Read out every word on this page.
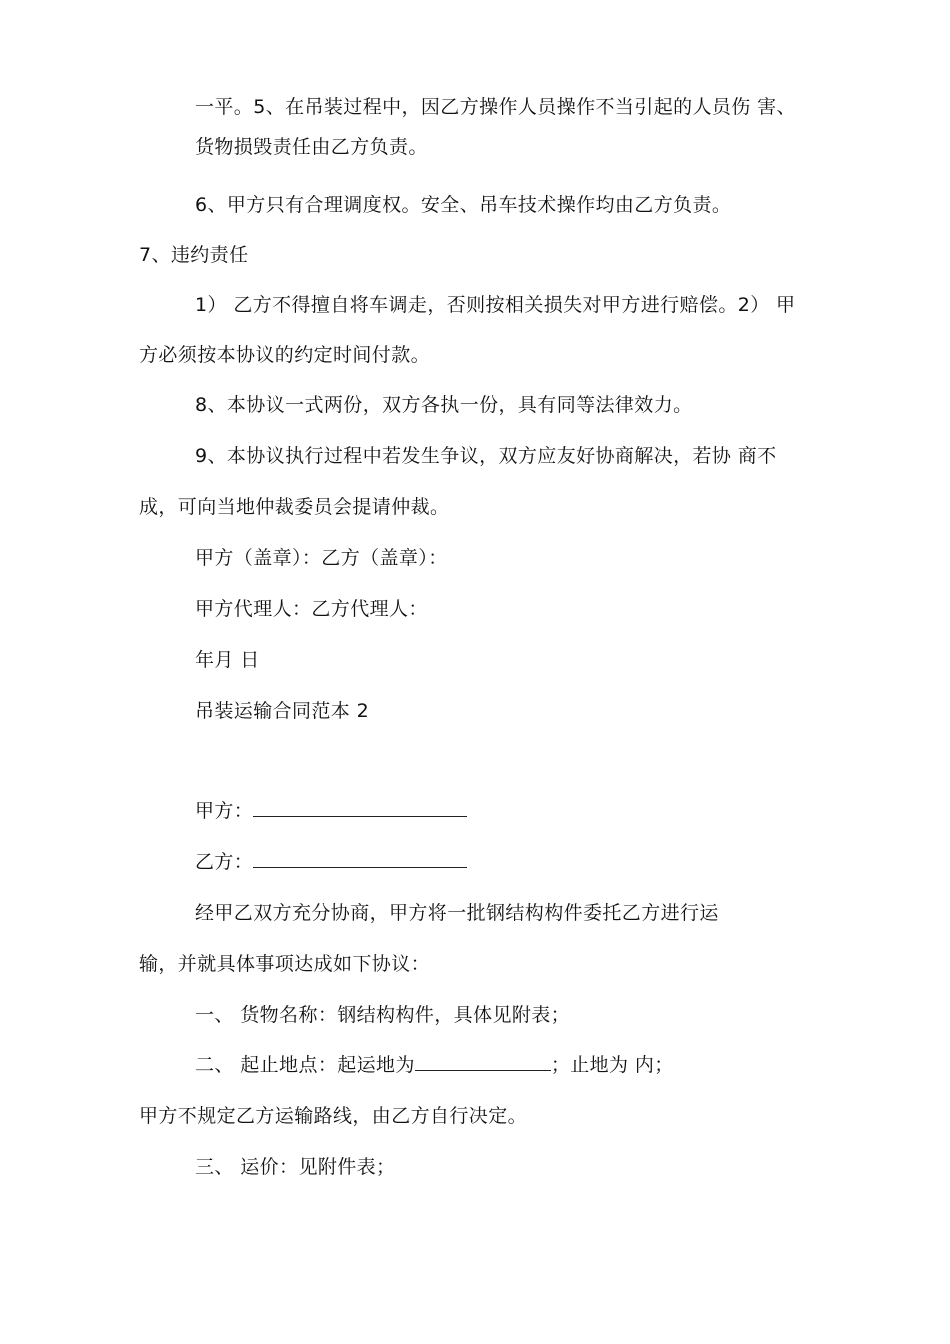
一平。5、在吊装过程中，因乙方操作人员操作不当引起的人员伤 害、
货物损毁责任由乙方负责。
6、甲方只有合理调度权。安全、吊车技术操作均由乙方负责。
7、违约责任
1） 乙方不得擅自将车调走，否则按相关损失对甲方进行赔偿。2） 甲
方必须按本协议的约定时间付款。
8、本协议一式两份，双方各执一份，具有同等法律效力。
9、本协议执行过程中若发生争议，双方应友好协商解决，若协 商不
成，可向当地仲裁委员会提请仲裁。
甲方（盖章）：乙方（盖章）：
甲方代理人：乙方代理人：
年月 日
吊装运输合同范本 2
甲方：
乙方：
经甲乙双方充分协商，甲方将一批钢结构构件委托乙方进行运
输，并就具体事项达成如下协议：
一、 货物名称：钢结构构件，具体见附表；
二、 起止地点：起运地为	；止地为 内；
甲方不规定乙方运输路线，由乙方自行决定。
三、 运价：见附件表；
